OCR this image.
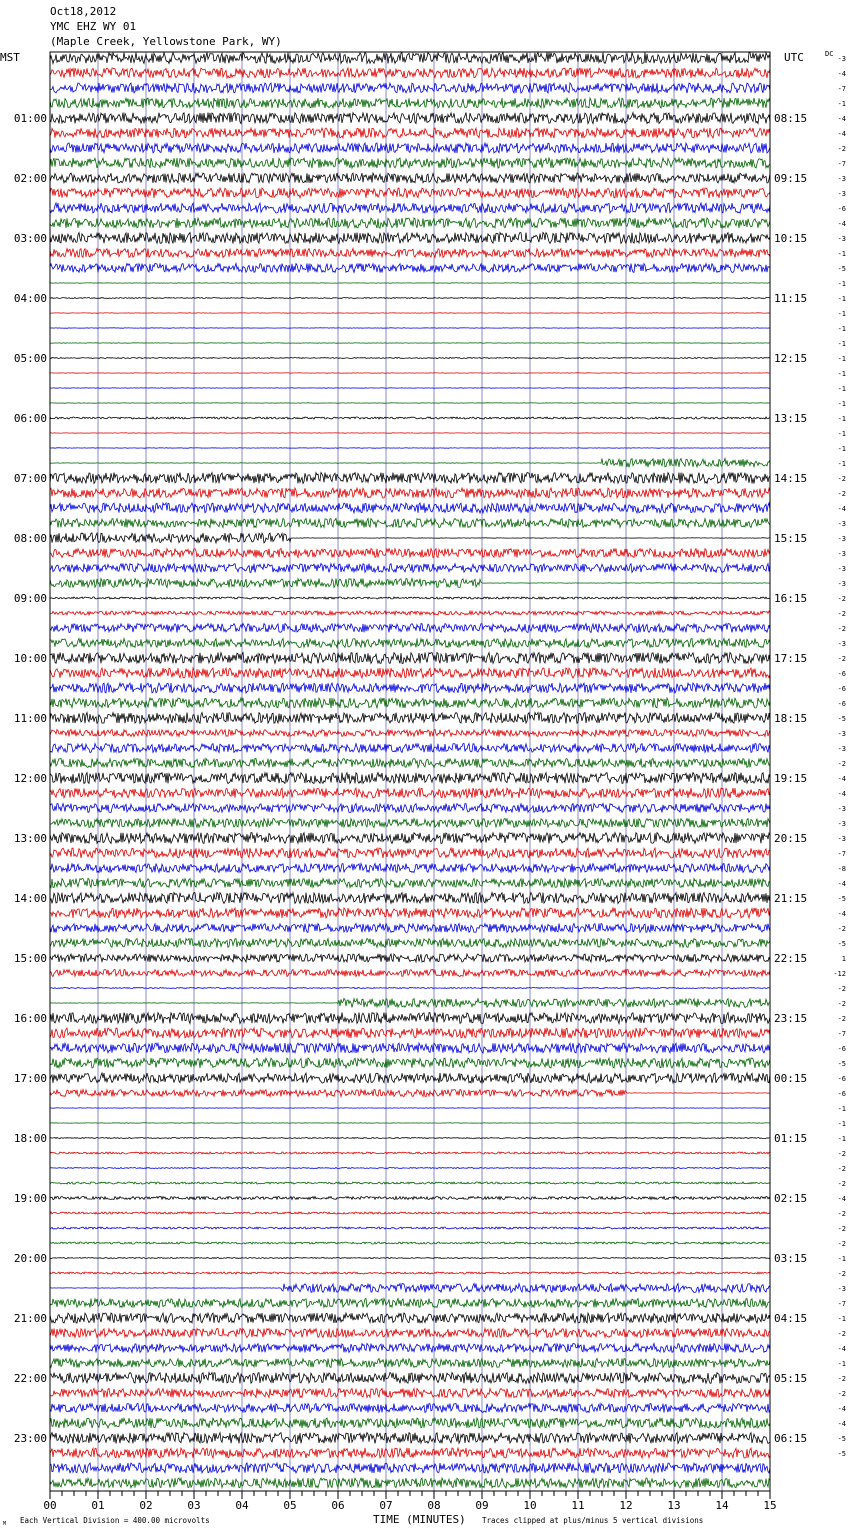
01:00
02:00
03:00
04:00
05:00
06:00
07:00
08:00
09:00
10:00
11:00
12:00
13:00
14:00
15:00
16:00
17:00
18:00
19:00
20:00
21:00
22:00
23:00
08:15
09:15
10:15
11:15
12:15
13:15
14:15
15:15
16:15
17:15
18:15
19:15
20:15
21:15
22:15
23:15
00:15
01:15
02:15
03:15
04:15
05:15
06:15
-3
-4
-7
-1
-4
-4
-2
-7
-3
-3
-6
-4
-3
-1
-5
-1
-1
-1
-1
-1
-1
-1
-1
-1
-1
-1
-1
-1
-2
-2
-4
-3
-3
-3
-3
-3
-2
-2
-2
-3
-2
-6
-6
-6
-5
-3
-3
-2
-4
-4
-3
-3
-3
-7
-8
-4
-5
-4
-2
-5
1
-12
-2
-2
-2
-7
-6
-5
-6
-6
-1
-1
-1
-2
-2
-2
-4
-2
-2
-2
-1
-2
-3
-7
-1
-2
-4
-1
-2
-2
-4
-4
-5
-5
00	01	02	03	04	05	06	07	08	09	10	11	12	13	14	15
MST	UTC	DC
TIME (MINUTES)
Each Vertical Division = 400.00 microvolts	Traces clipped at plus/minus 5 vertical divisions
M
Oct18,2012
YMC EHZ WY 01
(Maple Creek, Yellowstone Park, WY)
